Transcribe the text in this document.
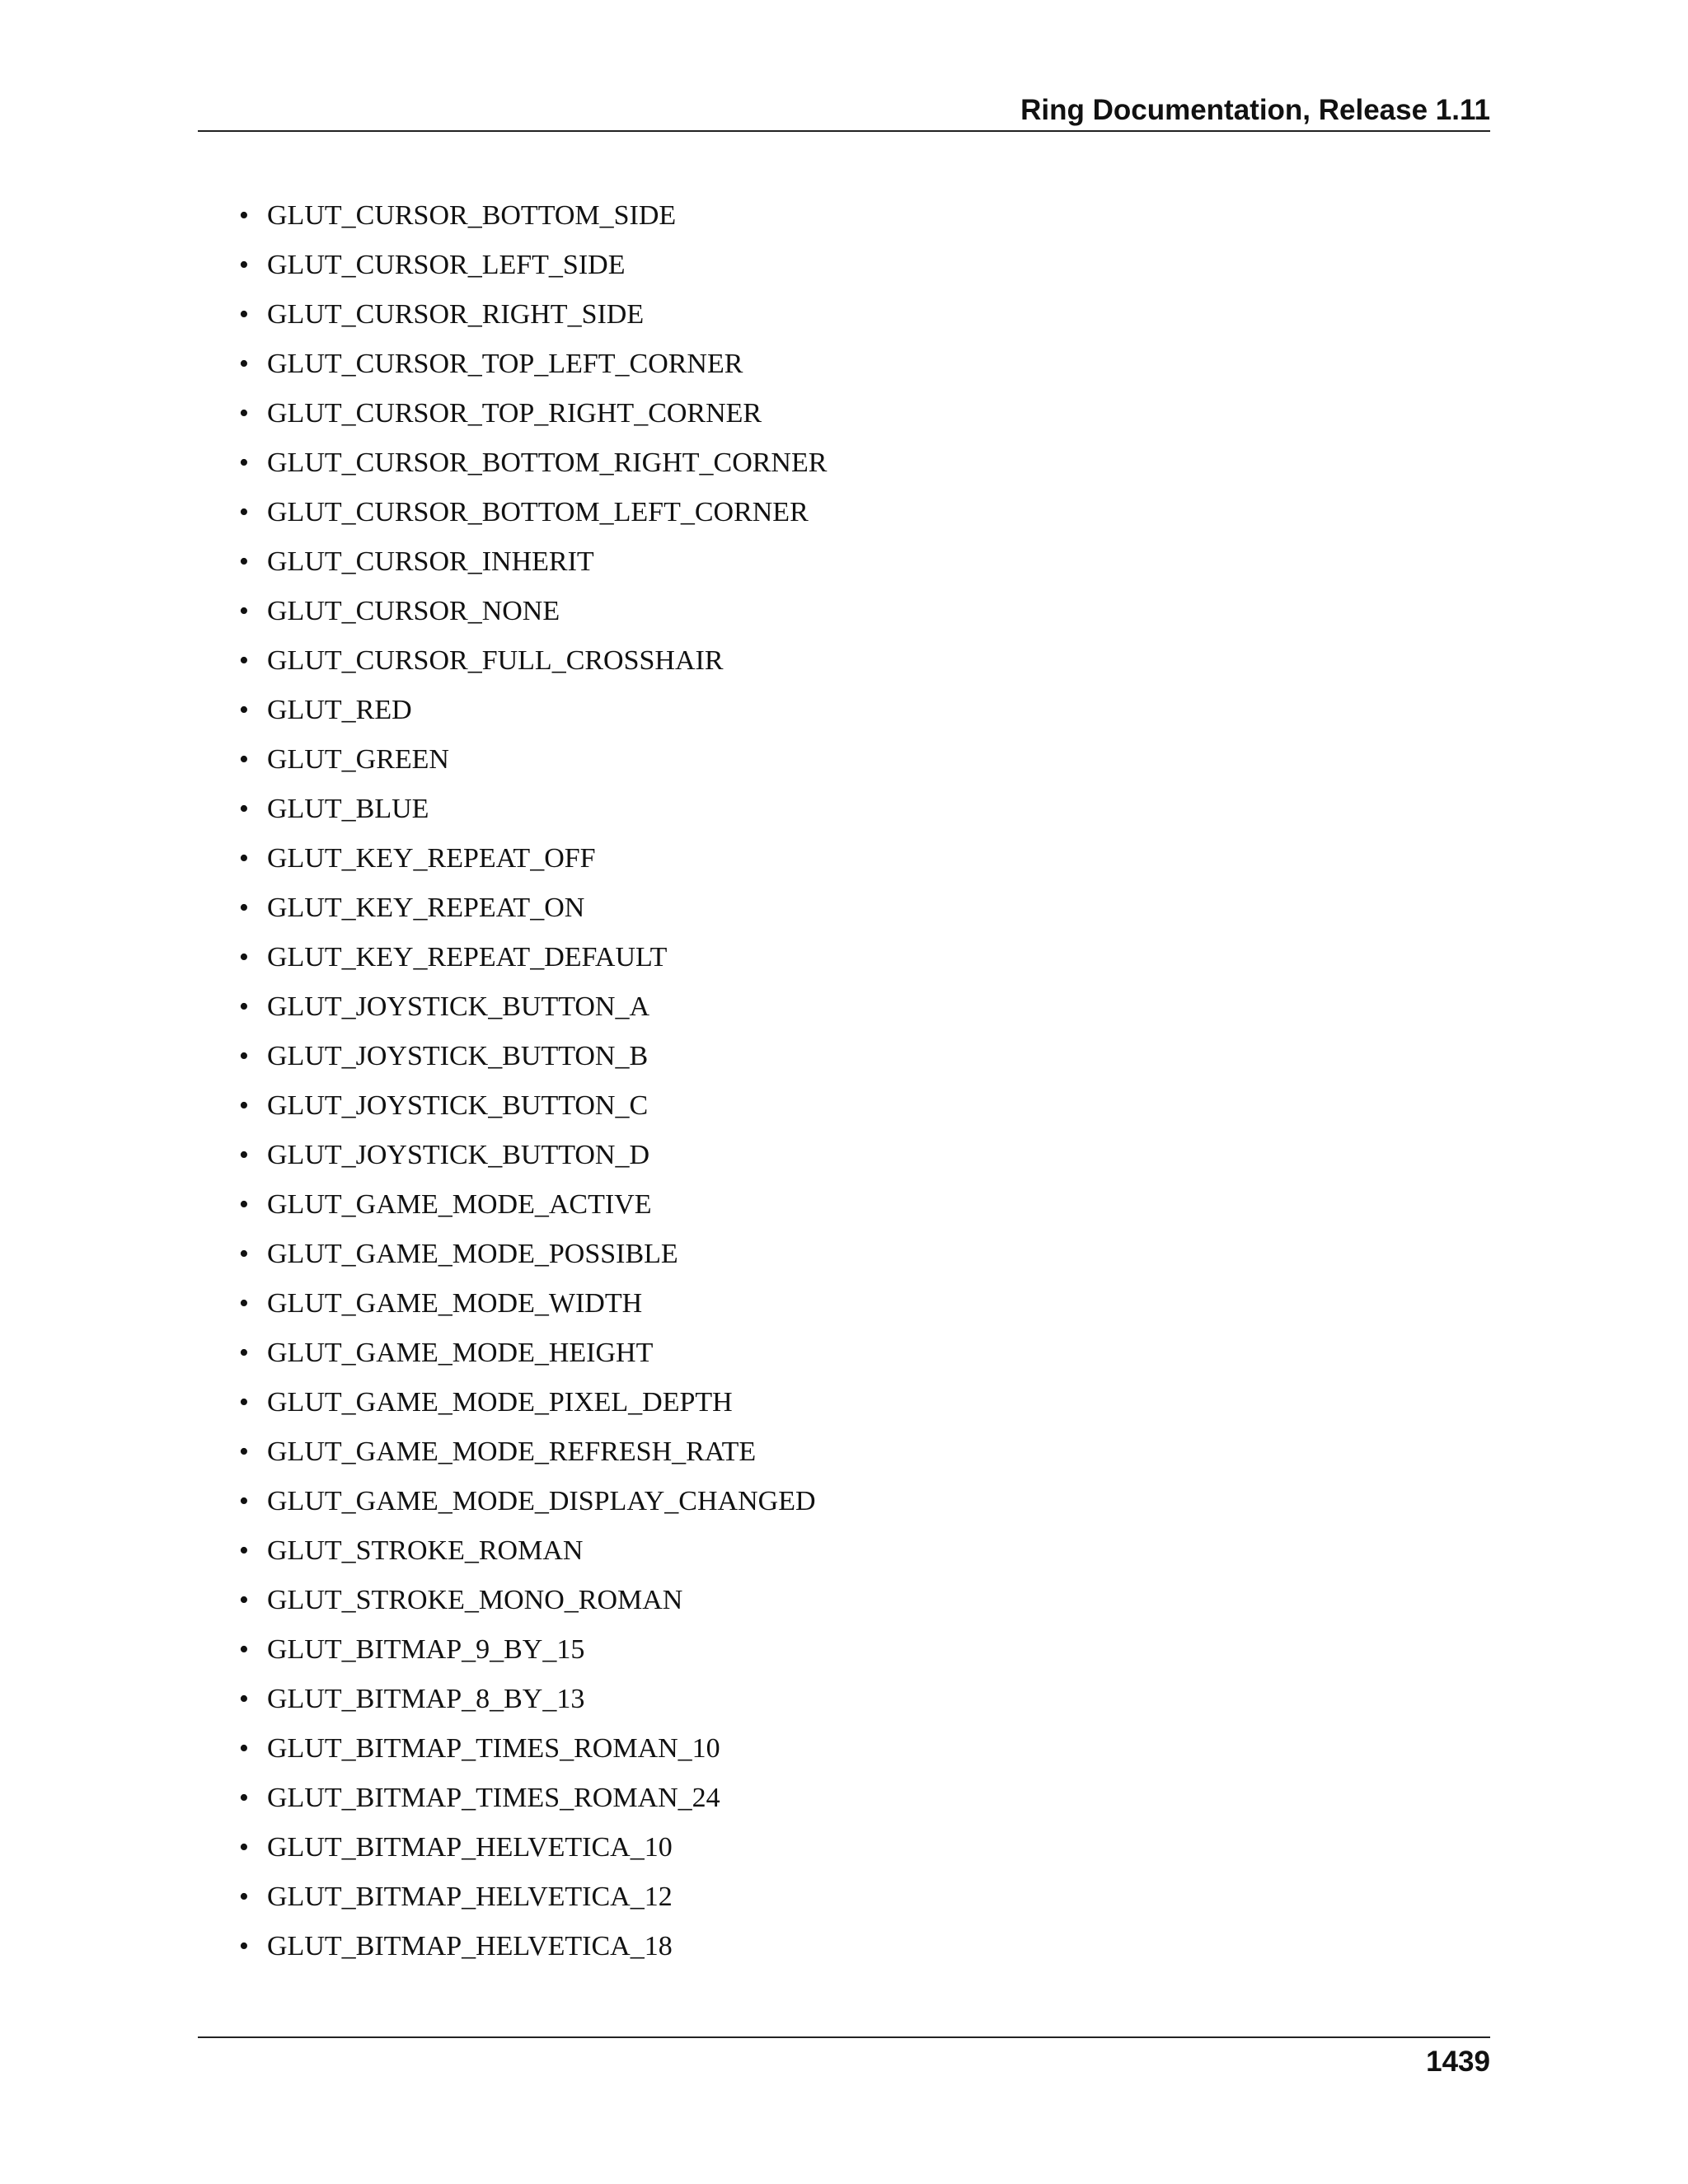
Ring Documentation, Release 1.11
• GLUT_CURSOR_BOTTOM_SIDE
• GLUT_CURSOR_LEFT_SIDE
• GLUT_CURSOR_RIGHT_SIDE
• GLUT_CURSOR_TOP_LEFT_CORNER
• GLUT_CURSOR_TOP_RIGHT_CORNER
• GLUT_CURSOR_BOTTOM_RIGHT_CORNER
• GLUT_CURSOR_BOTTOM_LEFT_CORNER
• GLUT_CURSOR_INHERIT
• GLUT_CURSOR_NONE
• GLUT_CURSOR_FULL_CROSSHAIR
• GLUT_RED
• GLUT_GREEN
• GLUT_BLUE
• GLUT_KEY_REPEAT_OFF
• GLUT_KEY_REPEAT_ON
• GLUT_KEY_REPEAT_DEFAULT
• GLUT_JOYSTICK_BUTTON_A
• GLUT_JOYSTICK_BUTTON_B
• GLUT_JOYSTICK_BUTTON_C
• GLUT_JOYSTICK_BUTTON_D
• GLUT_GAME_MODE_ACTIVE
• GLUT_GAME_MODE_POSSIBLE
• GLUT_GAME_MODE_WIDTH
• GLUT_GAME_MODE_HEIGHT
• GLUT_GAME_MODE_PIXEL_DEPTH
• GLUT_GAME_MODE_REFRESH_RATE
• GLUT_GAME_MODE_DISPLAY_CHANGED
• GLUT_STROKE_ROMAN
• GLUT_STROKE_MONO_ROMAN
• GLUT_BITMAP_9_BY_15
• GLUT_BITMAP_8_BY_13
• GLUT_BITMAP_TIMES_ROMAN_10
• GLUT_BITMAP_TIMES_ROMAN_24
• GLUT_BITMAP_HELVETICA_10
• GLUT_BITMAP_HELVETICA_12
• GLUT_BITMAP_HELVETICA_18
1439
